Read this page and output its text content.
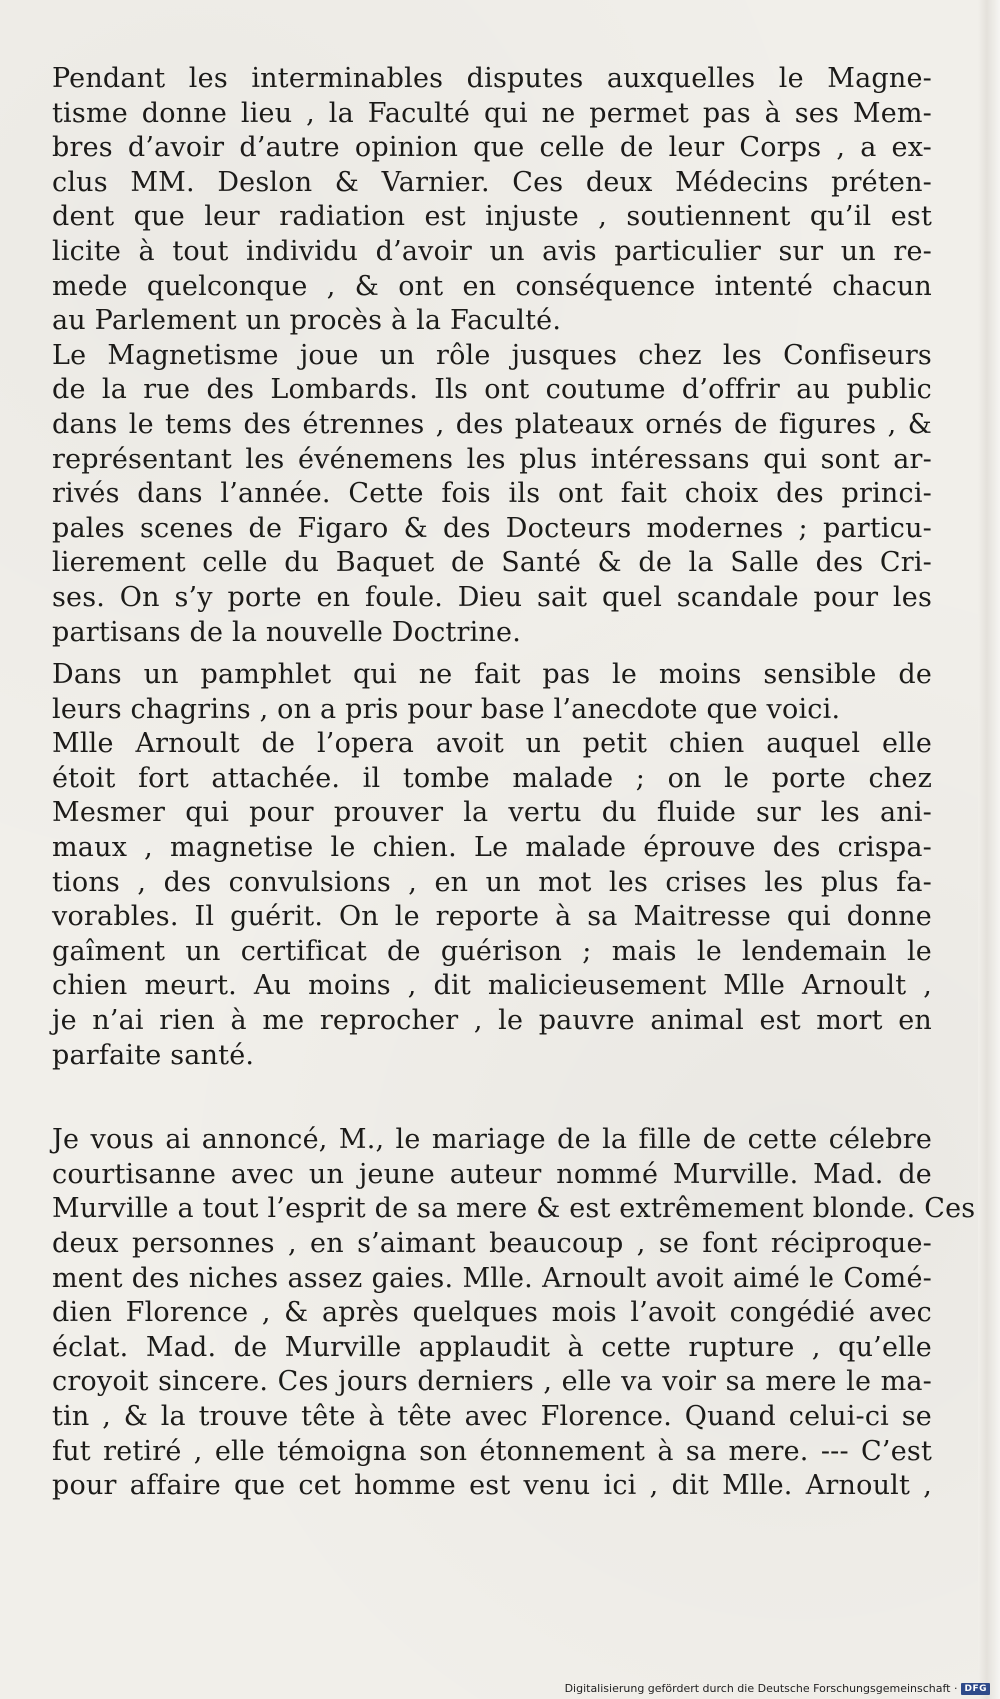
Pendant les interminables disputes auxquelles le Magne-
tisme donne lieu , la Faculté qui ne permet pas à ses Mem-
bres d’avoir d’autre opinion que celle de leur Corps , a ex-
clus MM. Deslon & Varnier. Ces deux Médecins préten-
dent que leur radiation est injuste , soutiennent qu’il est
licite à tout individu d’avoir un avis particulier sur un re-
mede quelconque , & ont en conséquence intenté chacun
au Parlement un procès à la Faculté.
Le Magnetisme joue un rôle jusques chez les Confiseurs
de la rue des Lombards. Ils ont coutume d’offrir au public
dans le tems des étrennes , des plateaux ornés de figures , &
représentant les événemens les plus intéressans qui sont ar-
rivés dans l’année. Cette fois ils ont fait choix des princi-
pales scenes de Figaro & des Docteurs modernes ; particu-
lierement celle du Baquet de Santé & de la Salle des Cri-
ses. On s’y porte en foule. Dieu sait quel scandale pour les
partisans de la nouvelle Doctrine.
Dans un pamphlet qui ne fait pas le moins sensible de
leurs chagrins , on a pris pour base l’anecdote que voici.
Mlle Arnoult de l’opera avoit un petit chien auquel elle
étoit fort attachée. il tombe malade ; on le porte chez
Mesmer qui pour prouver la vertu du fluide sur les ani-
maux , magnetise le chien. Le malade éprouve des crispa-
tions , des convulsions , en un mot les crises les plus fa-
vorables. Il guérit. On le reporte à sa Maitresse qui donne
gaîment un certificat de guérison ; mais le lendemain le
chien meurt. Au moins , dit malicieusement Mlle Arnoult ,
je n’ai rien à me reprocher , le pauvre animal est mort en
parfaite santé.
Je vous ai annoncé, M., le mariage de la fille de cette célebre
courtisanne avec un jeune auteur nommé Murville. Mad. de
Murville a tout l’esprit de sa mere & est extrêmement blonde. Ces
deux personnes , en s’aimant beaucoup , se font réciproque-
ment des niches assez gaies. Mlle. Arnoult avoit aimé le Comé-
dien Florence , & après quelques mois l’avoit congédié avec
éclat. Mad. de Murville applaudit à cette rupture , qu’elle
croyoit sincere. Ces jours derniers , elle va voir sa mere le ma-
tin , & la trouve tête à tête avec Florence. Quand celui-ci se
fut retiré , elle témoigna son étonnement à sa mere. --- C’est
pour affaire que cet homme est venu ici , dit Mlle. Arnoult ,
Digitalisierung gefördert durch die Deutsche Forschungsgemeinschaft · DFG
